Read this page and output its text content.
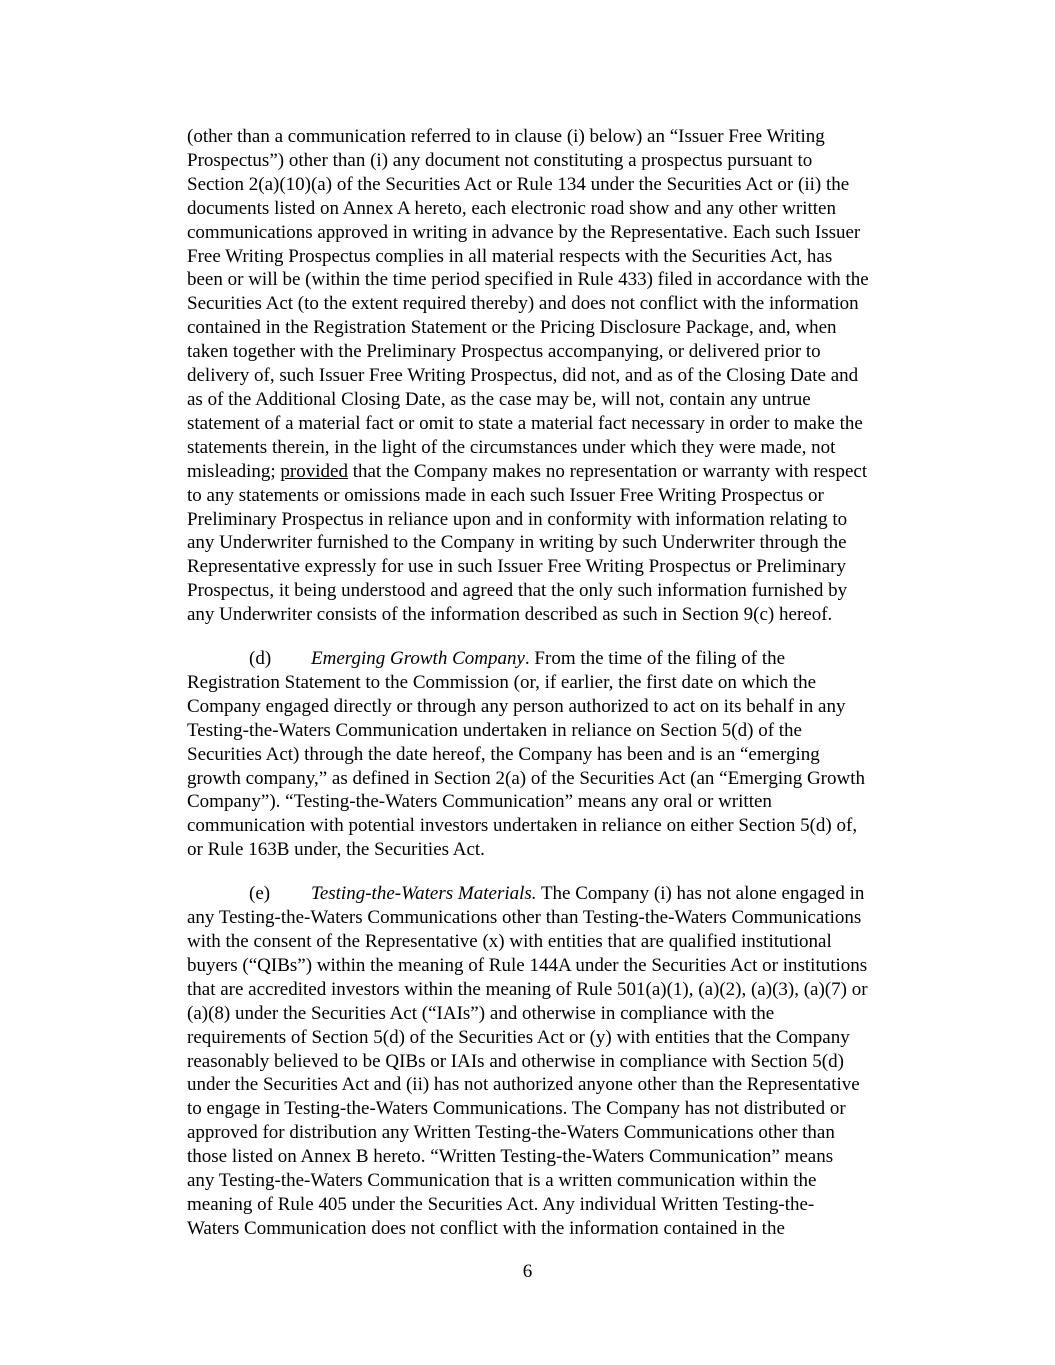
(other than a communication referred to in clause (i) below) an “Issuer Free Writing
Prospectus”) other than (i) any document not constituting a prospectus pursuant to
Section 2(a)(10)(a) of the Securities Act or Rule 134 under the Securities Act or (ii) the
documents listed on Annex A hereto, each electronic road show and any other written
communications approved in writing in advance by the Representative. Each such Issuer
Free Writing Prospectus complies in all material respects with the Securities Act, has
been or will be (within the time period specified in Rule 433) filed in accordance with the
Securities Act (to the extent required thereby) and does not conflict with the information
contained in the Registration Statement or the Pricing Disclosure Package, and, when
taken together with the Preliminary Prospectus accompanying, or delivered prior to
delivery of, such Issuer Free Writing Prospectus, did not, and as of the Closing Date and
as of the Additional Closing Date, as the case may be, will not, contain any untrue
statement of a material fact or omit to state a material fact necessary in order to make the
statements therein, in the light of the circumstances under which they were made, not
misleading; provided that the Company makes no representation or warranty with respect
to any statements or omissions made in each such Issuer Free Writing Prospectus or
Preliminary Prospectus in reliance upon and in conformity with information relating to
any Underwriter furnished to the Company in writing by such Underwriter through the
Representative expressly for use in such Issuer Free Writing Prospectus or Preliminary
Prospectus, it being understood and agreed that the only such information furnished by
any Underwriter consists of the information described as such in Section 9(c) hereof.
(d) Emerging Growth Company. From the time of the filing of the
Registration Statement to the Commission (or, if earlier, the first date on which the
Company engaged directly or through any person authorized to act on its behalf in any
Testing-the-Waters Communication undertaken in reliance on Section 5(d) of the
Securities Act) through the date hereof, the Company has been and is an “emerging
growth company,” as defined in Section 2(a) of the Securities Act (an “Emerging Growth
Company”). “Testing-the-Waters Communication” means any oral or written
communication with potential investors undertaken in reliance on either Section 5(d) of,
or Rule 163B under, the Securities Act.
(e) Testing-the-Waters Materials. The Company (i) has not alone engaged in
any Testing-the-Waters Communications other than Testing-the-Waters Communications
with the consent of the Representative (x) with entities that are qualified institutional
buyers (“QIBs”) within the meaning of Rule 144A under the Securities Act or institutions
that are accredited investors within the meaning of Rule 501(a)(1), (a)(2), (a)(3), (a)(7) or
(a)(8) under the Securities Act (“IAIs”) and otherwise in compliance with the
requirements of Section 5(d) of the Securities Act or (y) with entities that the Company
reasonably believed to be QIBs or IAIs and otherwise in compliance with Section 5(d)
under the Securities Act and (ii) has not authorized anyone other than the Representative
to engage in Testing-the-Waters Communications. The Company has not distributed or
approved for distribution any Written Testing-the-Waters Communications other than
those listed on Annex B hereto. “Written Testing-the-Waters Communication” means
any Testing-the-Waters Communication that is a written communication within the
meaning of Rule 405 under the Securities Act. Any individual Written Testing-the-
Waters Communication does not conflict with the information contained in the
6
